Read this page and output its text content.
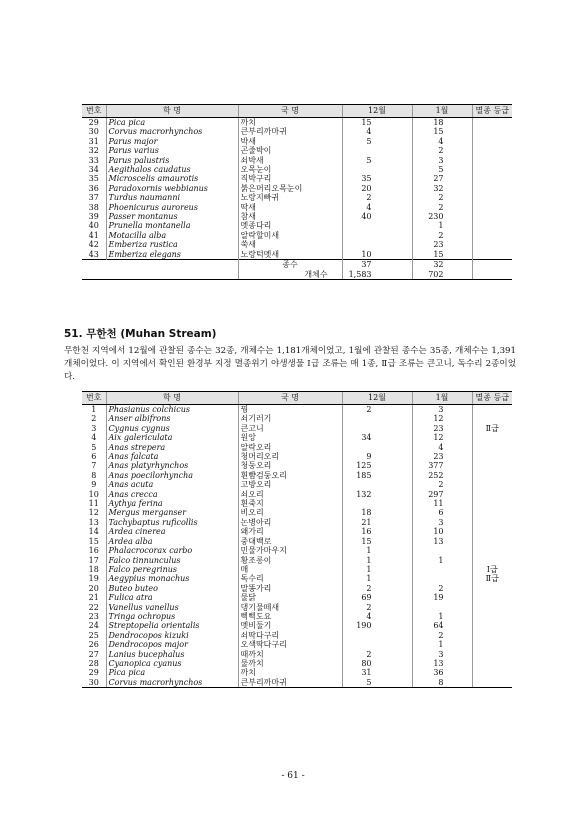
번호	학 명	국 명	12월	1월	멸종 등급
29	Pica pica	까치	15	18	
30	Corvus macrorhynchos	큰부리까마귀	4	15	
31	Parus major	박새	5	4	
32	Parus varius	곤줄박이		2	
33	Parus palustris	쇠박새	5	3	
34	Aegithalos caudatus	오목눈이		5	
35	Microscelis amaurotis	직박구리	35	27	
36	Paradoxornis webbianus	붉은머리오목눈이	20	32	
37	Turdus naumanni	노랑지빠귀	2	2	
38	Phoenicurus auroreus	딱새	4	2	
39	Passer montanus	참새	40	230	
40	Prunella montanella	멧종다리		1	
41	Motacilla alba	알락할미새		2	
42	Emberiza rustica	쑥새		23	
43	Emberiza elegans	노랑턱멧새	10	15	
		종수	37	32	
		개체수	1,583	702	
51. 무한천 (Muhan Stream)
무한천 지역에서 12월에 관찰된 종수는 32종, 개체수는 1,181개체이었고, 1월에 관찰된 종수는 35종, 개체수는 1,391개체이었다. 이 지역에서 확인된 환경부 지정 멸종위기 야생생물 Ⅰ급 조류는 매 1종, Ⅱ급 조류는 큰고니, 독수리 2종이었다.
번호	학 명	국 명	12월	1월	멸종 등급
1	Phasianus colchicus	꿩	2	3	
2	Anser albifrons	쇠기러기		12	
3	Cygnus cygnus	큰고니		23	Ⅱ급
4	Aix galericulata	원앙	34	12	
5	Anas strepera	알락오리		4	
6	Anas falcata	청머리오리	9	23	
7	Anas platyrhynchos	청둥오리	125	377	
8	Anas poecilorhyncha	흰뺨검둥오리	185	252	
9	Anas acuta	고방오리		2	
10	Anas crecca	쇠오리	132	297	
11	Aythya ferina	흰죽지		11	
12	Mergus merganser	비오리	18	6	
13	Tachybaptus ruficollis	논병아리	21	3	
14	Ardea cinerea	왜가리	16	10	
15	Ardea alba	중대백로	15	13	
16	Phalacrocorax carbo	민물가마우지	1		
17	Falco tinnunculus	황조롱이	1	1	
18	Falco peregrinus	매	1		Ⅰ급
19	Aegypius monachus	독수리	1		Ⅱ급
20	Buteo buteo	말똥가리	2	2	
21	Fulica atra	물닭	69	19	
22	Vanellus vanellus	댕기물떼새	2		
23	Tringa ochropus	삑삑도요	4	1	
24	Streptopelia orientalis	멧비둘기	190	64	
25	Dendrocopos kizuki	쇠딱다구리		2	
26	Dendrocopos major	오색딱다구리		1	
27	Lanius bucephalus	때까치	2	3	
28	Cyanopica cyanus	물까치	80	13	
29	Pica pica	까치	31	36	
30	Corvus macrorhynchos	큰부리까마귀	5	8	
- 61 -
